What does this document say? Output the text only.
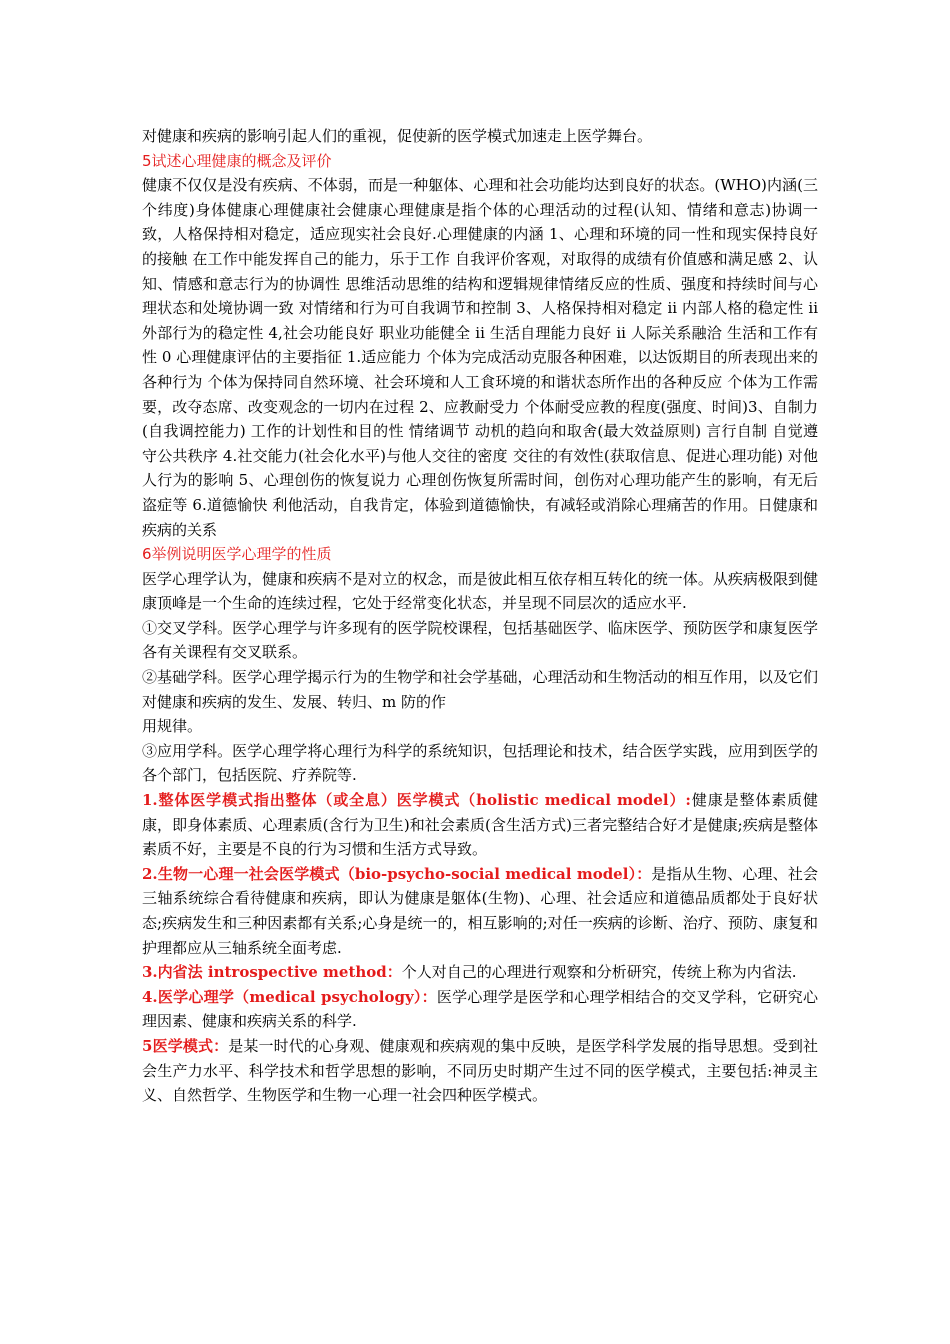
对健康和疾病的影响引起人们的重视，促使新的医学模式加速走上医学舞台。

5试述心理健康的概念及评价

健康不仅仅是没有疾病、不体弱，而是一种躯体、心理和社会功能均达到良好的状态。(WHO)内涵(三个纬度)身体健康心理健康社会健康心理健康是指个体的心理活动的过程(认知、情绪和意志)协调一致，人格保持相对稳定，适应现实社会良好.心理健康的内涵 1、心理和环境的同一性和现实保持良好的接触 在工作中能发挥自己的能力，乐于工作 自我评价客观，对取得的成绩有价值感和满足感 2、认知、情感和意志行为的协调性 思维活动思维的结构和逻辑规律情绪反应的性质、强度和持续时间与心理状态和处境协调一致 对情绪和行为可自我调节和控制 3、人格保持相对稳定 ii 内部人格的稳定性 ii 外部行为的稳定性 4,社会功能良好 职业功能健全 ii 生活自理能力良好 ii 人际关系融洽 生活和工作有性 0 心理健康评估的主要指征 1.适应能力 个体为完成活动克服各种困难，以达饭期目的所表现出来的各种行为 个体为保持同自然环境、社会环境和人工食环境的和谐状态所作出的各种反应 个体为工作需要，改夺态席、改变观念的一切内在过程 2、应教耐受力 个体耐受应教的程度(强度、时间)3、自制力(自我调控能力) 工作的计划性和目的性 情绪调节 动机的趋向和取舍(最大效益原则) 言行自制 自觉遵守公共秩序 4.社交能力(社会化水平)与他人交往的密度 交往的有效性(获取信息、促进心理功能) 对他人行为的影响 5、心理创伤的恢复说力 心理创伤恢复所需时间，创伤对心理功能产生的影响，有无后盗症等 6.道德愉快 利他活动，自我肯定，体验到道德愉快，有减轻或消除心理痛苦的作用。日健康和疾病的关系

6举例说明医学心理学的性质

医学心理学认为，健康和疾病不是对立的权念，而是彼此相互依存相互转化的统一体。从疾病极限到健康顶峰是一个生命的连续过程，它处于经常变化状态，并呈现不同层次的适应水平.

①交叉学科。医学心理学与许多现有的医学院校课程，包括基础医学、临床医学、预防医学和康复医学各有关课程有交叉联系。

②基础学科。医学心理学揭示行为的生物学和社会学基础，心理活动和生物活动的相互作用，以及它们对健康和疾病的发生、发展、转归、m 防的作

用规律。

③应用学科。医学心理学将心理行为科学的系统知识，包括理论和技术，结合医学实践，应用到医学的各个部门，包括医院、疗养院等.

1.整体医学模式指出整体（或全息）医学模式（holistic medical model）:健康是整体素质健康，即身体素质、心理素质(含行为卫生)和社会素质(含生活方式)三者完整结合好才是健康;疾病是整体素质不好，主要是不良的行为习惯和生活方式导致。

2.生物一心理一社会医学模式（bio-psycho-social medical model）：是指从生物、心理、社会三轴系统综合看待健康和疾病，即认为健康是躯体(生物)、心理、社会适应和道德品质都处于良好状态;疾病发生和三种因素都有关系;心身是统一的，相互影响的;对任一疾病的诊断、治疗、预防、康复和护理都应从三轴系统全面考虑.

3.内省法 introspective method：个人对自己的心理进行观察和分析研究，传统上称为内省法.

4.医学心理学（medical psychology）：医学心理学是医学和心理学相结合的交叉学科，它研究心理因素、健康和疾病关系的科学.

5医学模式：是某一时代的心身观、健康观和疾病观的集中反映，是医学科学发展的指导思想。受到社会生产力水平、科学技术和哲学思想的影响，不同历史时期产生过不同的医学模式，主要包括:神灵主义、自然哲学、生物医学和生物一心理一社会四种医学模式。
